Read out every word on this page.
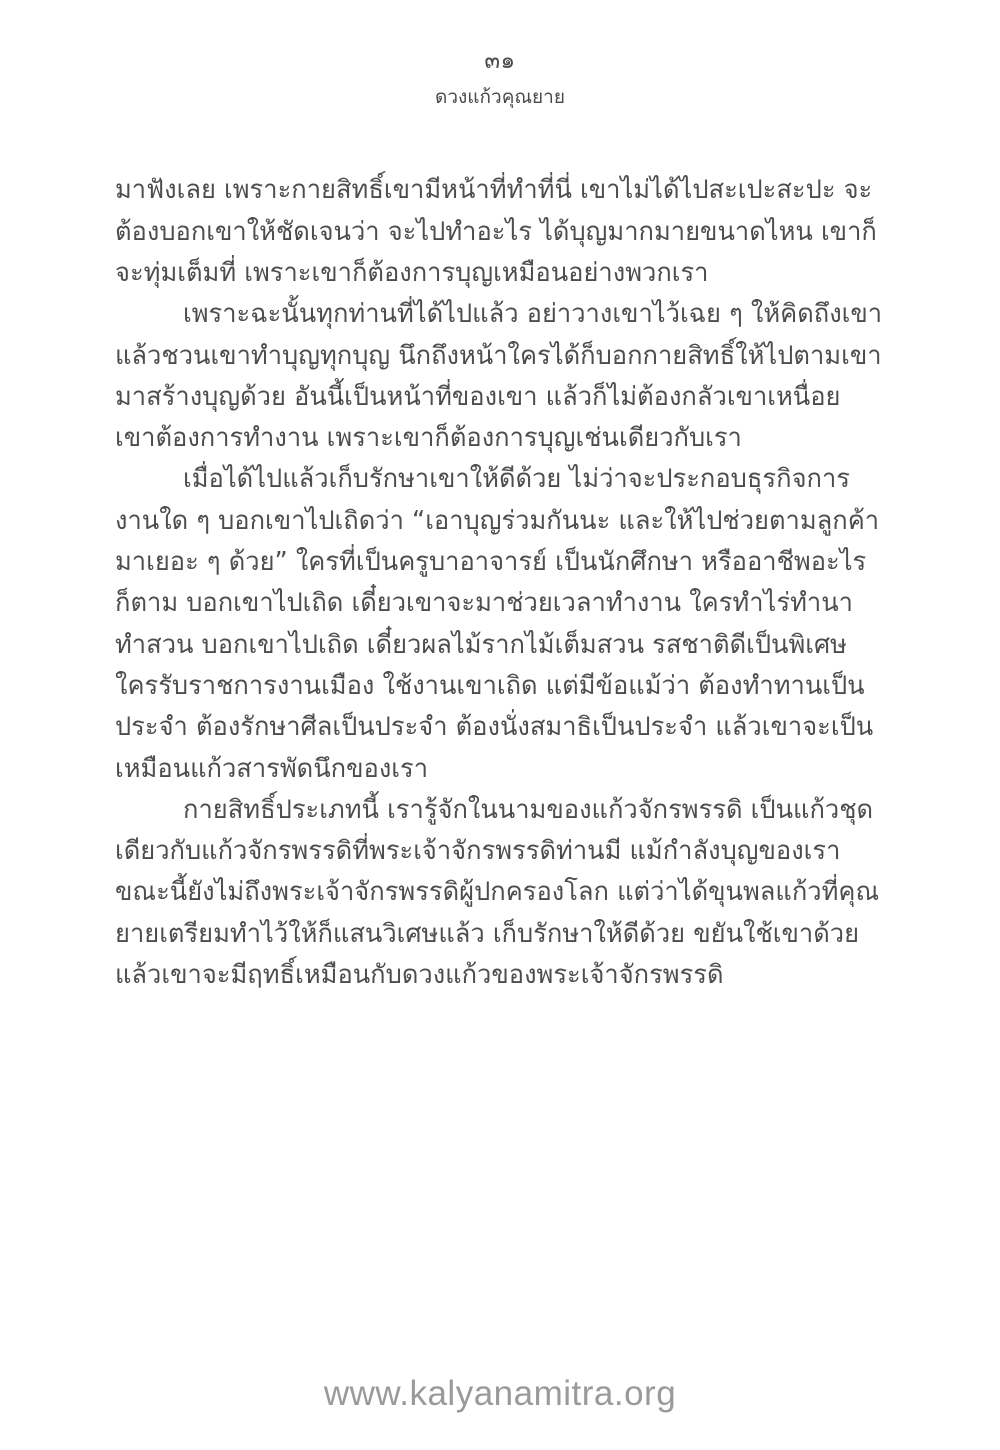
๓๑
ดวงแก้วคุณยาย

มาฟังเลย เพราะกายสิทธิ์เขามีหน้าที่ทำที่นี่ เขาไม่ได้ไปสะเปะสะปะ จะต้องบอกเขาให้ชัดเจนว่า จะไปทำอะไร ได้บุญมากมายขนาดไหน เขาก็จะทุ่มเต็มที่ เพราะเขาก็ต้องการบุญเหมือนอย่างพวกเรา

เพราะฉะนั้นทุกท่านที่ได้ไปแล้ว อย่าวางเขาไว้เฉย ๆ ให้คิดถึงเขา แล้วชวนเขาทำบุญทุกบุญ นึกถึงหน้าใครได้ก็บอกกายสิทธิ์ให้ไปตามเขามาสร้างบุญด้วย อันนี้เป็นหน้าที่ของเขา แล้วก็ไม่ต้องกลัวเขาเหนื่อย เขาต้องการทำงาน เพราะเขาก็ต้องการบุญเช่นเดียวกับเรา

เมื่อได้ไปแล้วเก็บรักษาเขาให้ดีด้วย ไม่ว่าจะประกอบธุรกิจการงานใด ๆ บอกเขาไปเถิดว่า “เอาบุญร่วมกันนะ และให้ไปช่วยตามลูกค้ามาเยอะ ๆ ด้วย” ใครที่เป็นครูบาอาจารย์ เป็นนักศึกษา หรืออาชีพอะไรก็ตาม บอกเขาไปเถิด เดี๋ยวเขาจะมาช่วยเวลาทำงาน ใครทำไร่ทำนา ทำสวน บอกเขาไปเถิด เดี๋ยวผลไม้รากไม้เต็มสวน รสชาติดีเป็นพิเศษ ใครรับราชการงานเมือง ใช้งานเขาเถิด แต่มีข้อแม้ว่า ต้องทำทานเป็นประจำ ต้องรักษาศีลเป็นประจำ ต้องนั่งสมาธิเป็นประจำ แล้วเขาจะเป็นเหมือนแก้วสารพัดนึกของเรา

กายสิทธิ์ประเภทนี้ เรารู้จักในนามของแก้วจักรพรรดิ เป็นแก้วชุดเดียวกับแก้วจักรพรรดิที่พระเจ้าจักรพรรดิท่านมี แม้กำลังบุญของเราขณะนี้ยังไม่ถึงพระเจ้าจักรพรรดิผู้ปกครองโลก แต่ว่าได้ขุนพลแก้วที่คุณยายเตรียมทำไว้ให้ก็แสนวิเศษแล้ว เก็บรักษาให้ดีด้วย ขยันใช้เขาด้วย แล้วเขาจะมีฤทธิ์เหมือนกับดวงแก้วของพระเจ้าจักรพรรดิ

www.kalyanamitra.org
